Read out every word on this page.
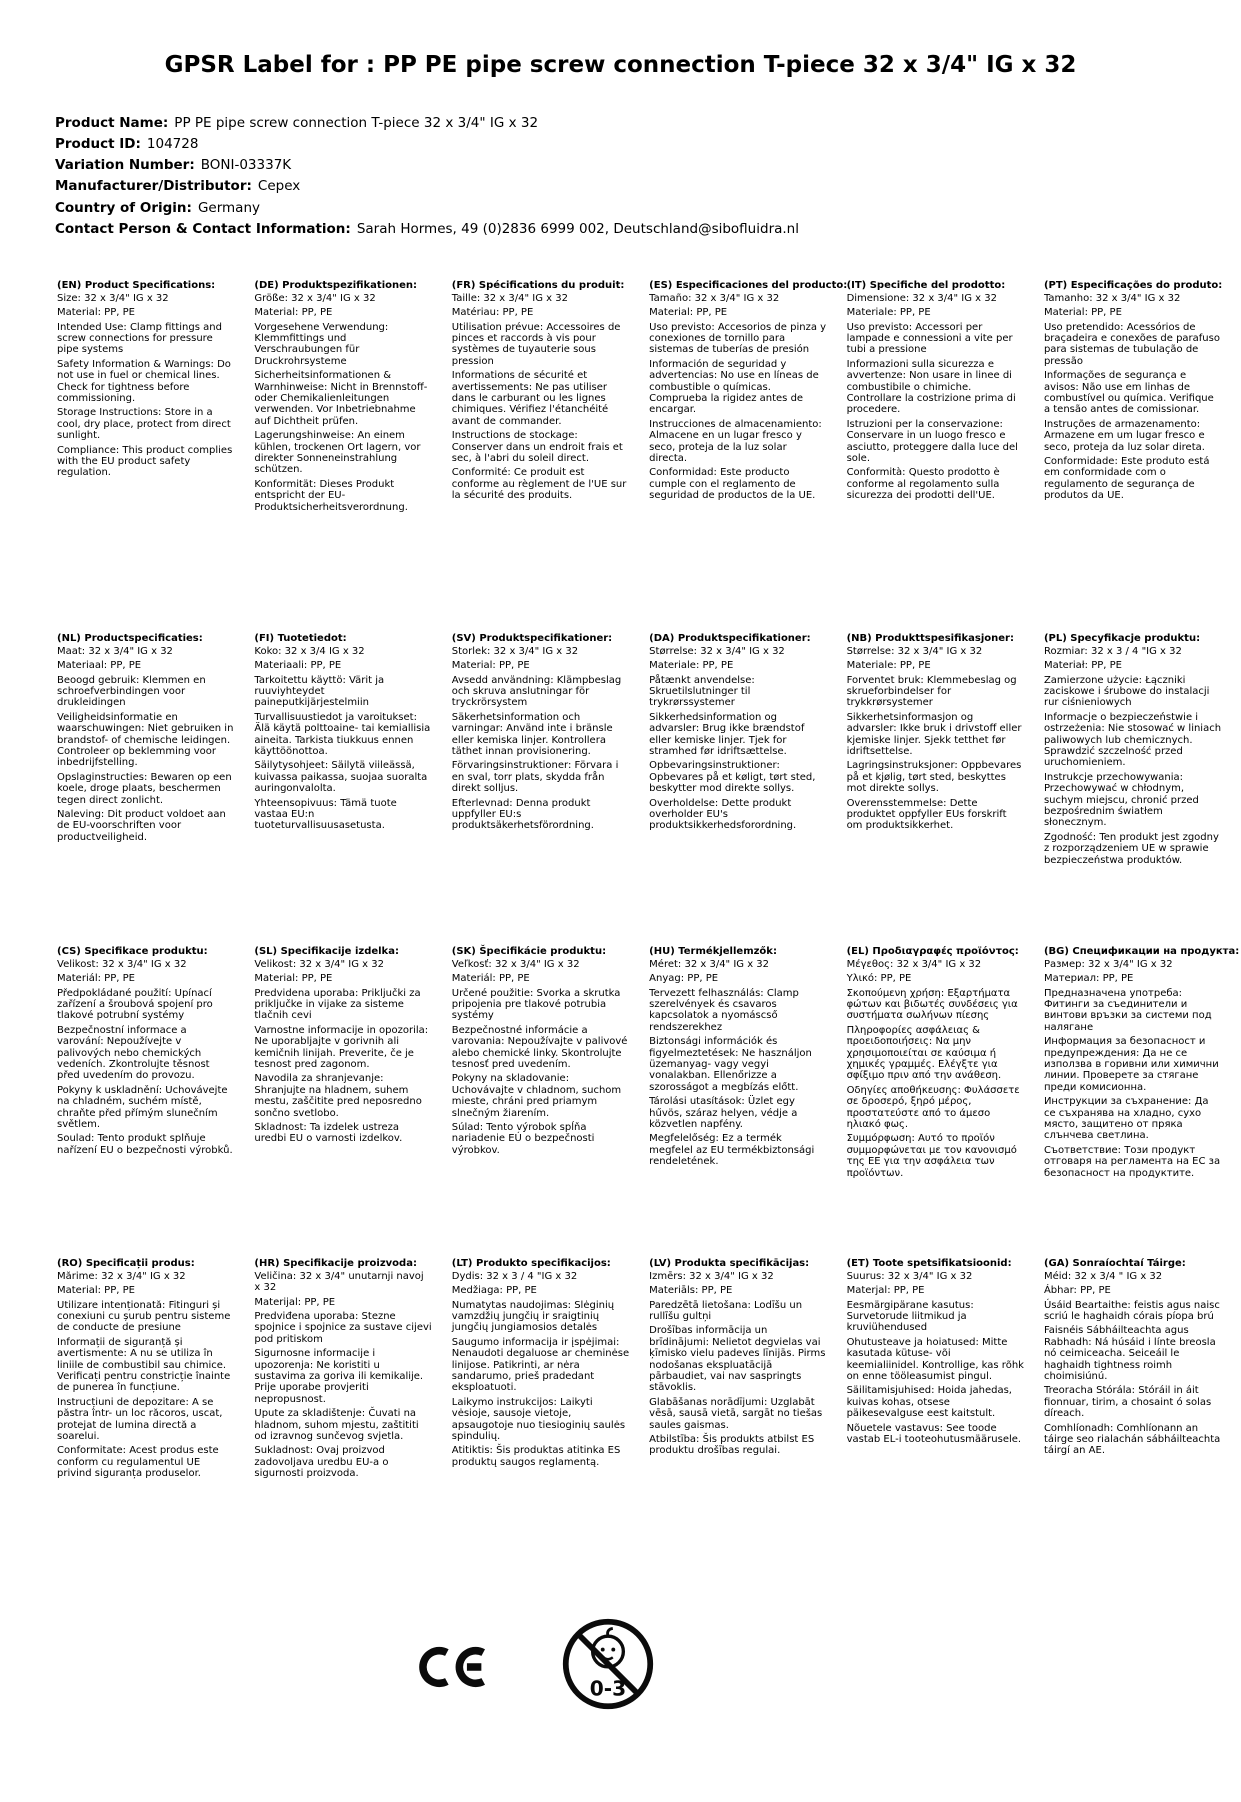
GPSR Label for : PP PE pipe screw connection T-piece 32 x 3/4" IG x 32
Product Name: PP PE pipe screw connection T-piece 32 x 3/4" IG x 32
Product ID: 104728
Variation Number: BONI-03337K
Manufacturer/Distributor: Cepex
Country of Origin: Germany
Contact Person & Contact Information: Sarah Hormes, 49 (0)2836 6999 002, Deutschland@sibofluidra.nl
(EN) Product Specifications:

Size: 32 x 3/4" IG x 32

Material: PP, PE

Intended Use: Clamp fittings and screw connections for pressure pipe systems

Safety Information & Warnings: Do not use in fuel or chemical lines. Check for tightness before commissioning.

Storage Instructions: Store in a cool, dry place, protect from direct sunlight.

Compliance: This product complies with the EU product safety regulation.

(DE) Produktspezifikationen:

Größe: 32 x 3/4" IG x 32

Material: PP, PE

Vorgesehene Verwendung: Klemmfittings und Verschraubungen für Druckrohrsysteme

Sicherheitsinformationen & Warnhinweise: Nicht in Brennstoff- oder Chemikalienleitungen verwenden. Vor Inbetriebnahme auf Dichtheit prüfen.

Lagerungshinweise: An einem kühlen, trockenen Ort lagern, vor direkter Sonneneinstrahlung schützen.

Konformität: Dieses Produkt entspricht der EU-Produktsicherheitsverordnung.

(FR) Spécifications du produit:

Taille: 32 x 3/4" IG x 32

Matériau: PP, PE

Utilisation prévue: Accessoires de pinces et raccords à vis pour systèmes de tuyauterie sous pression

Informations de sécurité et avertissements: Ne pas utiliser dans le carburant ou les lignes chimiques. Vérifiez l'étanchéité avant de commander.

Instructions de stockage: Conserver dans un endroit frais et sec, à l'abri du soleil direct.

Conformité: Ce produit est conforme au règlement de l'UE sur la sécurité des produits.

(ES) Especificaciones del producto:

Tamaño: 32 x 3/4" IG x 32

Material: PP, PE

Uso previsto: Accesorios de pinza y conexiones de tornillo para sistemas de tuberías de presión

Información de seguridad y advertencias: No use en líneas de combustible o químicas. Comprueba la rigidez antes de encargar.

Instrucciones de almacenamiento: Almacene en un lugar fresco y seco, proteja de la luz solar directa.

Conformidad: Este producto cumple con el reglamento de seguridad de productos de la UE.

(IT) Specifiche del prodotto:

Dimensione: 32 x 3/4" IG x 32

Materiale: PP, PE

Uso previsto: Accessori per lampade e connessioni a vite per tubi a pressione

Informazioni sulla sicurezza e avvertenze: Non usare in linee di combustibile o chimiche. Controllare la costrizione prima di procedere.

Istruzioni per la conservazione: Conservare in un luogo fresco e asciutto, proteggere dalla luce del sole.

Conformità: Questo prodotto è conforme al regolamento sulla sicurezza dei prodotti dell'UE.

(PT) Especificações do produto:

Tamanho: 32 x 3/4" IG x 32

Material: PP, PE

Uso pretendido: Acessórios de braçadeira e conexões de parafuso para sistemas de tubulação de pressão

Informações de segurança e avisos: Não use em linhas de combustível ou química. Verifique a tensão antes de comissionar.

Instruções de armazenamento: Armazene em um lugar fresco e seco, proteja da luz solar direta.

Conformidade: Este produto está em conformidade com o regulamento de segurança de produtos da UE.

(NL) Productspecificaties:

Maat: 32 x 3/4" IG x 32

Materiaal: PP, PE

Beoogd gebruik: Klemmen en schroefverbindingen voor drukleidingen

Veiligheidsinformatie en waarschuwingen: Niet gebruiken in brandstof- of chemische leidingen. Controleer op beklemming voor inbedrijfstelling.

Opslaginstructies: Bewaren op een koele, droge plaats, beschermen tegen direct zonlicht.

Naleving: Dit product voldoet aan de EU-voorschriften voor productveiligheid.

(FI) Tuotetiedot:

Koko: 32 x 3/4 IG x 32

Materiaali: PP, PE

Tarkoitettu käyttö: Värit ja ruuviyhteydet paineputkijärjestelmiin

Turvallisuustiedot ja varoitukset: Älä käytä polttoaine- tai kemiallisia aineita. Tarkista tiukkuus ennen käyttöönottoa.

Säilytysohjeet: Säilytä viileässä, kuivassa paikassa, suojaa suoralta auringonvalolta.

Yhteensopivuus: Tämä tuote vastaa EU:n tuoteturvallisuusasetusta.

(SV) Produktspecifikationer:

Storlek: 32 x 3/4" IG x 32

Material: PP, PE

Avsedd användning: Klämpbeslag och skruva anslutningar för tryckrörsystem

Säkerhetsinformation och varningar: Använd inte i bränsle eller kemiska linjer. Kontrollera täthet innan provisionering.

Förvaringsinstruktioner: Förvara i en sval, torr plats, skydda från direkt solljus.

Efterlevnad: Denna produkt uppfyller EU:s produktsäkerhetsförordning.

(DA) Produktspecifikationer:

Størrelse: 32 x 3/4" IG x 32

Materiale: PP, PE

Påtænkt anvendelse: Skruetilslutninger til trykrørssystemer

Sikkerhedsinformation og advarsler: Brug ikke brændstof eller kemiske linjer. Tjek for stramhed før idriftsættelse.

Opbevaringsinstruktioner: Opbevares på et køligt, tørt sted, beskytter mod direkte sollys.

Overholdelse: Dette produkt overholder EU's produktsikkerhedsforordning.

(NB) Produkttspesifikasjoner:

Størrelse: 32 x 3/4" IG x 32

Materiale: PP, PE

Forventet bruk: Klemmebeslag og skrueforbindelser for trykkrørsystemer

Sikkerhetsinformasjon og advarsler: Ikke bruk i drivstoff eller kjemiske linjer. Sjekk tetthet før idriftsettelse.

Lagringsinstruksjoner: Oppbevares på et kjølig, tørt sted, beskyttes mot direkte sollys.

Overensstemmelse: Dette produktet oppfyller EUs forskrift om produktsikkerhet.

(PL) Specyfikacje produktu:

Rozmiar: 32 x 3 / 4 "IG x 32

Materiał: PP, PE

Zamierzone użycie: Łączniki zaciskowe i śrubowe do instalacji rur ciśnieniowych

Informacje o bezpieczeństwie i ostrzeżenia: Nie stosować w liniach paliwowych lub chemicznych. Sprawdzić szczelność przed uruchomieniem.

Instrukcje przechowywania: Przechowywać w chłodnym, suchym miejscu, chronić przed bezpośrednim światłem słonecznym.

Zgodność: Ten produkt jest zgodny z rozporządzeniem UE w sprawie bezpieczeństwa produktów.

(CS) Specifikace produktu:

Velikost: 32 x 3/4" IG x 32

Materiál: PP, PE

Předpokládané použití: Upínací zařízení a šroubová spojení pro tlakové potrubní systémy

Bezpečnostní informace a varování: Nepoužívejte v palivových nebo chemických vedeních. Zkontrolujte těsnost před uvedením do provozu.

Pokyny k uskladnění: Uchovávejte na chladném, suchém místě, chraňte před přímým slunečním světlem.

Soulad: Tento produkt splňuje nařízení EU o bezpečnosti výrobků.

(SL) Specifikacije izdelka:

Velikost: 32 x 3/4" IG x 32

Material: PP, PE

Predvidena uporaba: Priključki za priključke in vijake za sisteme tlačnih cevi

Varnostne informacije in opozorila: Ne uporabljajte v gorivnih ali kemičnih linijah. Preverite, če je tesnost pred zagonom.

Navodila za shranjevanje: Shranjujte na hladnem, suhem mestu, zaščitite pred neposredno sončno svetlobo.

Skladnost: Ta izdelek ustreza uredbi EU o varnosti izdelkov.

(SK) Špecifikácie produktu:

Veľkosť: 32 x 3/4" IG x 32

Materiál: PP, PE

Určené použitie: Svorka a skrutka pripojenia pre tlakové potrubia systémy

Bezpečnostné informácie a varovania: Nepoužívajte v palivové alebo chemické linky. Skontrolujte tesnosť pred uvedením.

Pokyny na skladovanie: Uchovávajte v chladnom, suchom mieste, chráni pred priamym slnečným žiarením.

Súlad: Tento výrobok spĺňa nariadenie EÚ o bezpečnosti výrobkov.

(HU) Termékjellemzők:

Méret: 32 x 3/4" IG x 32

Anyag: PP, PE

Tervezett felhasználás: Clamp szerelvények és csavaros kapcsolatok a nyomáscső rendszerekhez

Biztonsági információk és figyelmeztetések: Ne használjon üzemanyag- vagy vegyi vonalakban. Ellenőrizze a szorosságot a megbízás előtt.

Tárolási utasítások: Üzlet egy hűvös, száraz helyen, védje a közvetlen napfény.

Megfelelőség: Ez a termék megfelel az EU termékbiztonsági rendeletének.

(EL) Προδιαγραφές προϊόντος:

Μέγεθος: 32 x 3/4" IG x 32

Υλικό: PP, PE

Σκοπούμενη χρήση: Εξαρτήματα φώτων και βιδωτές συνδέσεις για συστήματα σωλήνων πίεσης

Πληροφορίες ασφάλειας & προειδοποιήσεις: Να μην χρησιμοποιείται σε καύσιμα ή χημικές γραμμές. Ελέγξτε για σφίξιμο πριν από την ανάθεση.

Οδηγίες αποθήκευσης: Φυλάσσετε σε δροσερό, ξηρό μέρος, προστατεύστε από το άμεσο ηλιακό φως.

Συμμόρφωση: Αυτό το προϊόν συμμορφώνεται με τον κανονισμό της ΕΕ για την ασφάλεια των προϊόντων.

(BG) Спецификации на продукта:

Размер: 32 x 3/4" IG x 32

Материал: PP, PE

Предназначена употреба: Фитинги за съединители и винтови връзки за системи под налягане

Информация за безопасност и предупреждения: Да не се използва в горивни или химични линии. Проверете за стягане преди комисионна.

Инструкции за съхранение: Да се съхранява на хладно, сухо място, защитено от пряка слънчева светлина.

Съответствие: Този продукт отговаря на регламента на ЕС за безопасност на продуктите.

(RO) Specificații produs:

Mărime: 32 x 3/4" IG x 32

Material: PP, PE

Utilizare intenționată: Fitinguri și conexiuni cu șurub pentru sisteme de conducte de presiune

Informații de siguranță și avertismente: A nu se utiliza în liniile de combustibil sau chimice. Verificați pentru constricție înainte de punerea în funcțiune.

Instrucțiuni de depozitare: A se păstra într- un loc răcoros, uscat, protejat de lumina directă a soarelui.

Conformitate: Acest produs este conform cu regulamentul UE privind siguranța produselor.

(HR) Specifikacije proizvoda:

Veličina: 32 x 3/4" unutarnji navoj x 32

Materijal: PP, PE

Predviđena uporaba: Stezne spojnice i spojnice za sustave cijevi pod pritiskom

Sigurnosne informacije i upozorenja: Ne koristiti u sustavima za goriva ili kemikalije. Prije uporabe provjeriti nepropusnost.

Upute za skladištenje: Čuvati na hladnom, suhom mjestu, zaštititi od izravnog sunčevog svjetla.

Sukladnost: Ovaj proizvod zadovoljava uredbu EU-a o sigurnosti proizvoda.

(LT) Produkto specifikacijos:

Dydis: 32 x 3 / 4 "IG x 32

Medžiaga: PP, PE

Numatytas naudojimas: Slėginių vamzdžių jungčių ir sraigtinių jungčių jungiamosios detalės

Saugumo informacija ir įspėjimai: Nenaudoti degaluose ar cheminėse linijose. Patikrinti, ar nėra sandarumo, prieš pradedant eksploatuoti.

Laikymo instrukcijos: Laikyti vėsioje, sausoje vietoje, apsaugotoje nuo tiesioginių saulės spindulių.

Atitiktis: Šis produktas atitinka ES produktų saugos reglamentą.

(LV) Produkta specifikācijas:

Izmērs: 32 x 3/4" IG x 32

Materiāls: PP, PE

Paredzētā lietošana: Lodīšu un rullīšu gultņi

Drošības informācija un brīdinājumi: Nelietot degvielas vai ķīmisko vielu padeves līnijās. Pirms nodošanas ekspluatācijā pārbaudiet, vai nav saspringts stāvoklis.

Glabāšanas norādījumi: Uzglabāt vēsā, sausā vietā, sargāt no tiešas saules gaismas.

Atbilstība: Šis produkts atbilst ES produktu drošības regulai.

(ET) Toote spetsifikatsioonid:

Suurus: 32 x 3/4" IG x 32

Materjal: PP, PE

Eesmärgipärane kasutus: Survetorude liitmikud ja kruviühendused

Ohutusteave ja hoiatused: Mitte kasutada kütuse- või keemialiinidel. Kontrollige, kas rõhk on enne tööleasumist pingul.

Säilitamisjuhised: Hoida jahedas, kuivas kohas, otsese päikesevalguse eest kaitstult.

Nõuetele vastavus: See toode vastab EL-i tooteohutusmäärusele.

(GA) Sonraíochtaí Táirge:

Méid: 32 x 3/4 " IG x 32

Ábhar: PP, PE

Úsáid Beartaithe: feistis agus naisc scriú le haghaidh córais píopa brú

Faisnéis Sábháilteachta agus Rabhadh: Ná húsáid i línte breosla nó ceimiceacha. Seiceáil le haghaidh tightness roimh choimisiúnú.

Treoracha Stórála: Stóráil in áit fionnuar, tirim, a chosaint ó solas díreach.

Comhlíonadh: Comhlíonann an táirge seo rialachán sábháilteachta táirgí an AE.

0-3
